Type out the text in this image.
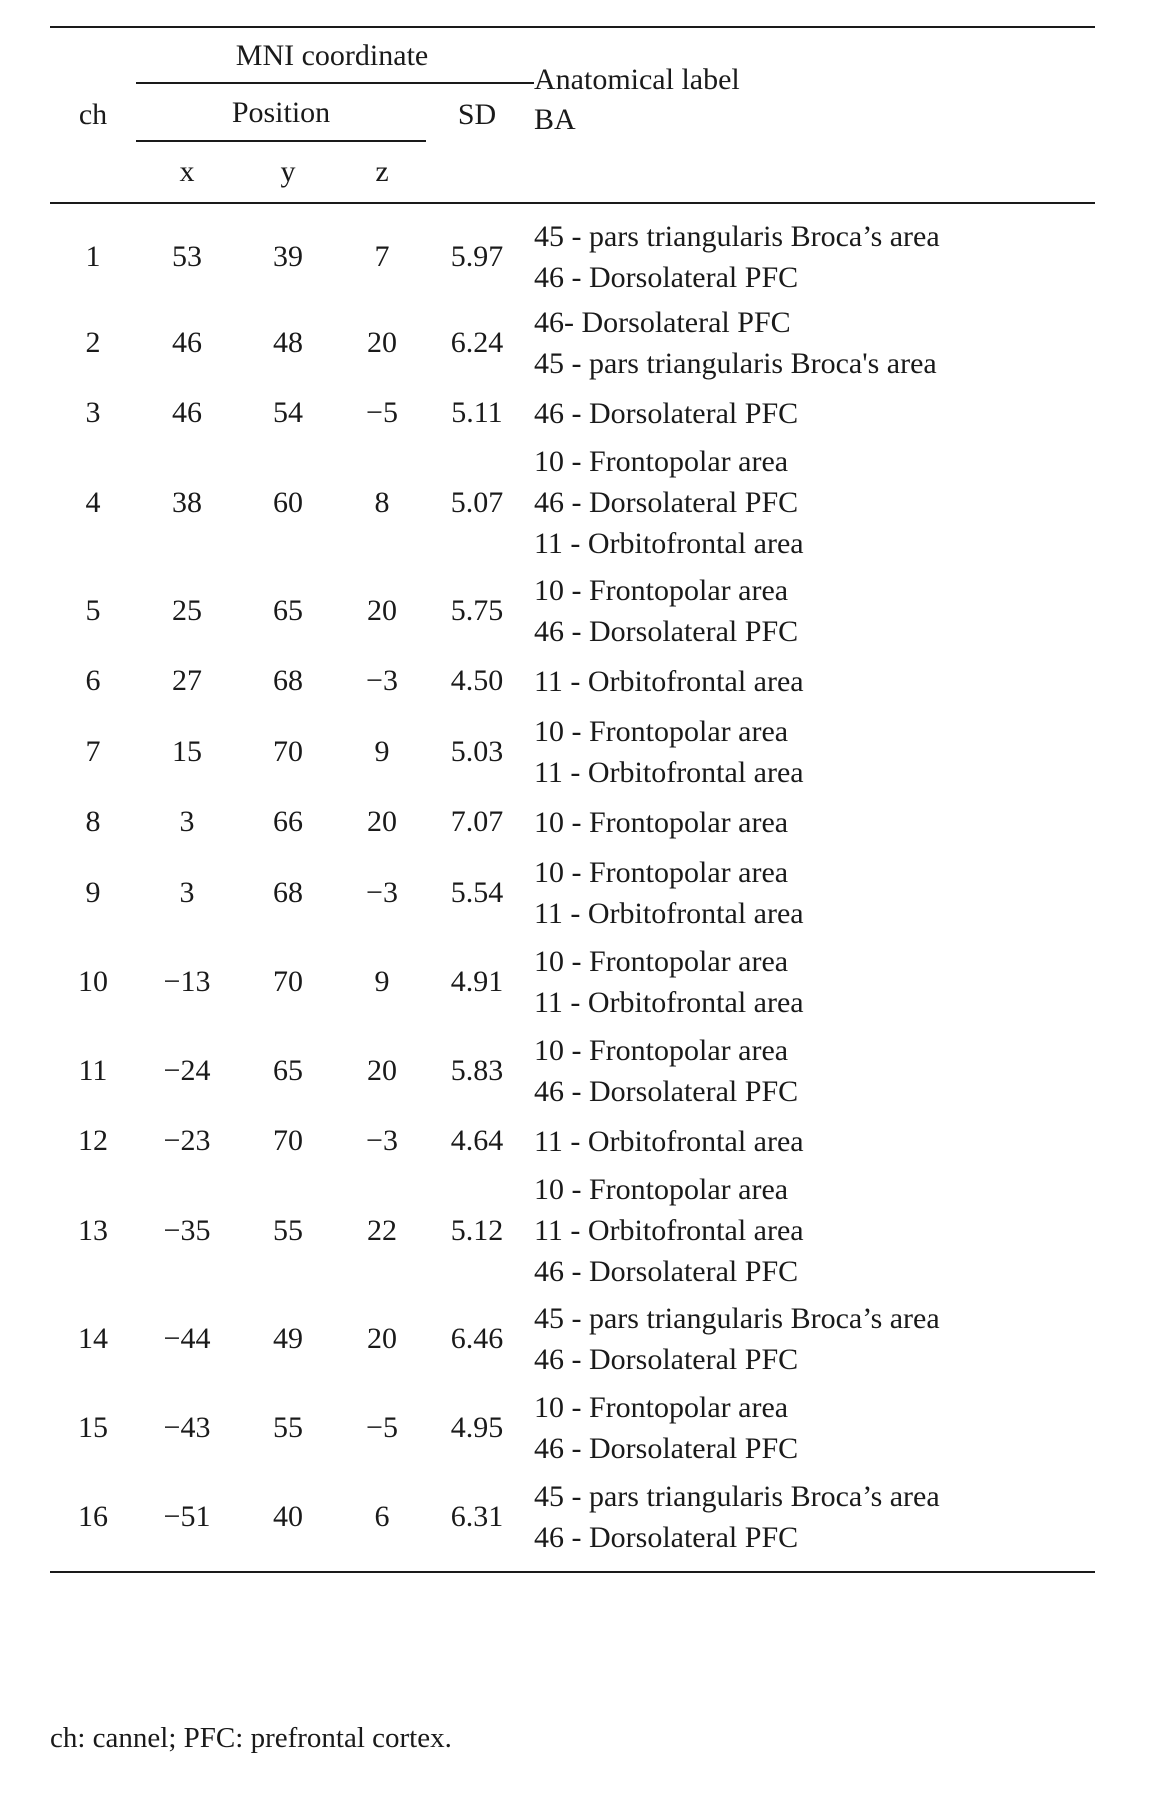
ch	MNI coordinate				Anatomical label
BA

	Position			SD	
	x	y	z		
1	53	39	7	5.97	45 - pars triangularis Broca’s area
46 - Dorsolateral PFC

2	46	48	20	6.24	46- Dorsolateral PFC
45 - pars triangularis Broca's area

3	46	54	−5	5.11	46 - Dorsolateral PFC

4	38	60	8	5.07	10 - Frontopolar area
46 - Dorsolateral PFC
11 - Orbitofrontal area

5	25	65	20	5.75	10 - Frontopolar area
46 - Dorsolateral PFC

6	27	68	−3	4.50	11 - Orbitofrontal area

7	15	70	9	5.03	10 - Frontopolar area
11 - Orbitofrontal area

8	3	66	20	7.07	10 - Frontopolar area

9	3	68	−3	5.54	10 - Frontopolar area
11 - Orbitofrontal area

10	−13	70	9	4.91	10 - Frontopolar area
11 - Orbitofrontal area

11	−24	65	20	5.83	10 - Frontopolar area
46 - Dorsolateral PFC

12	−23	70	−3	4.64	11 - Orbitofrontal area

13	−35	55	22	5.12	10 - Frontopolar area
11 - Orbitofrontal area
46 - Dorsolateral PFC

14	−44	49	20	6.46	45 - pars triangularis Broca’s area
46 - Dorsolateral PFC

15	−43	55	−5	4.95	10 - Frontopolar area
46 - Dorsolateral PFC

16	−51	40	6	6.31	45 - pars triangularis Broca’s area
46 - Dorsolateral PFC
ch: cannel; PFC: prefrontal cortex.
